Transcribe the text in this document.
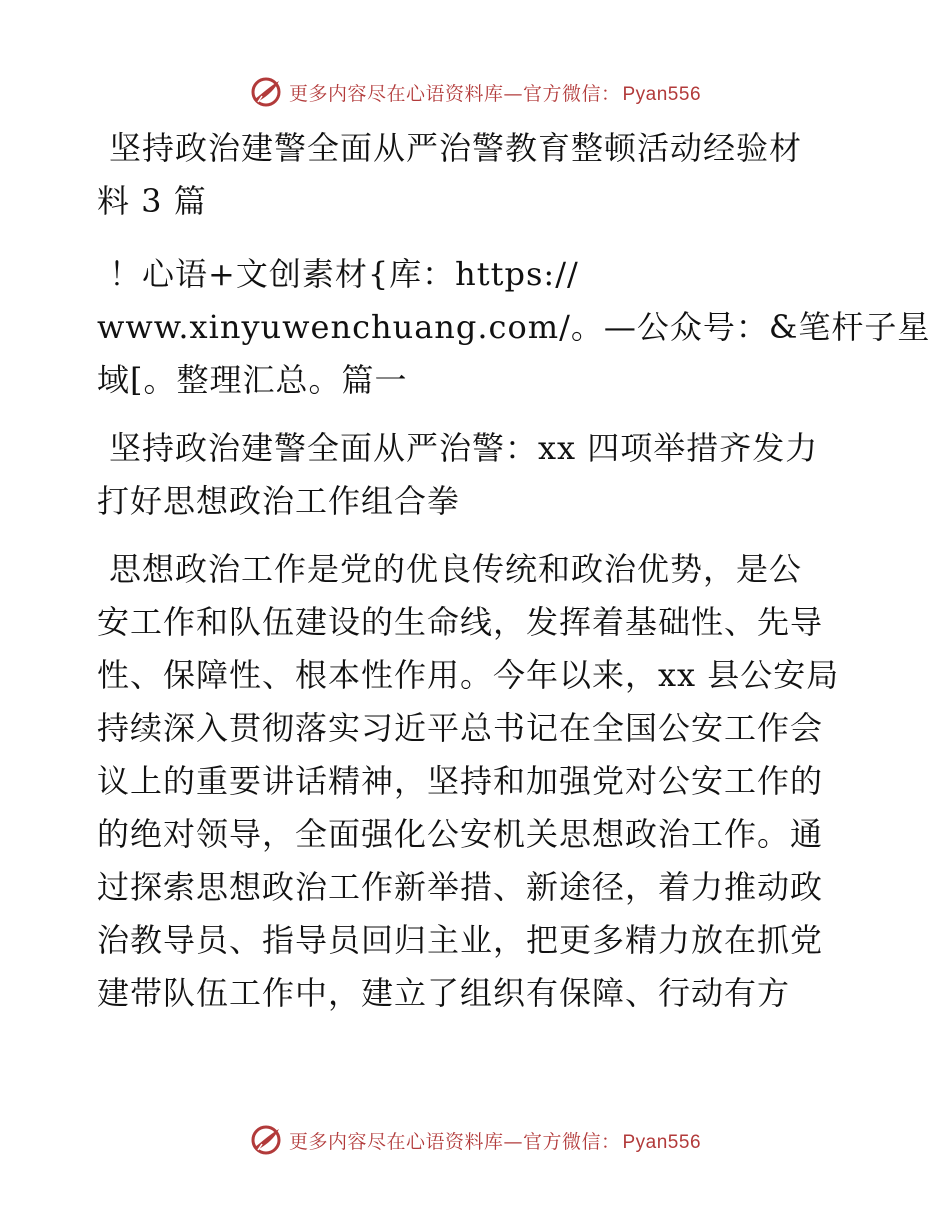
更多内容尽在心语资料库—官方微信： Pyan556
坚持政治建警全面从严治警教育整顿活动经验材
料 3 篇
！心语+文创素材{库：https://
www.xinyuwenchuang.com/。—公众号：&笔杆子星
域[。整理汇总。篇一
坚持政治建警全面从严治警：xx 四项举措齐发力
打好思想政治工作组合拳
思想政治工作是党的优良传统和政治优势，是公
安工作和队伍建设的生命线，发挥着基础性、先导
性、保障性、根本性作用。今年以来，xx 县公安局
持续深入贯彻落实习近平总书记在全国公安工作会
议上的重要讲话精神，坚持和加强党对公安工作的
的绝对领导，全面强化公安机关思想政治工作。通
过探索思想政治工作新举措、新途径，着力推动政
治教导员、指导员回归主业，把更多精力放在抓党
建带队伍工作中，建立了组织有保障、行动有方
更多内容尽在心语资料库—官方微信： Pyan556
